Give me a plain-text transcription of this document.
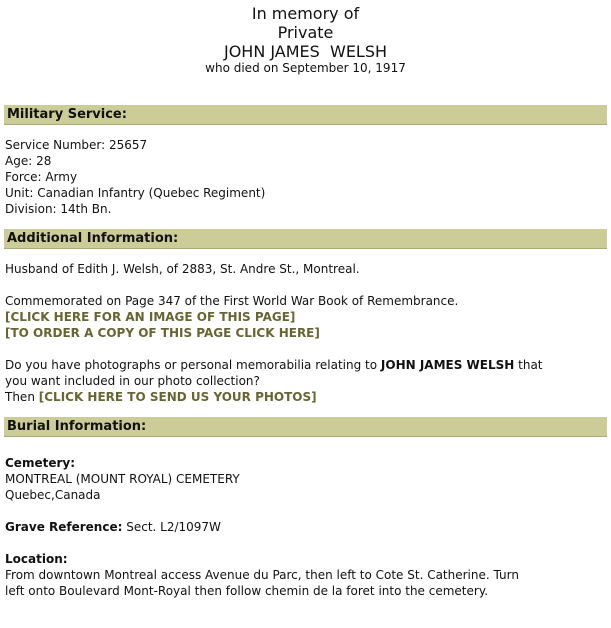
In memory of
Private
JOHN JAMES  WELSH
who died on September 10, 1917
Military Service:
Service Number: 25657
Age: 28
Force: Army
Unit: Canadian Infantry (Quebec Regiment)
Division: 14th Bn.
Additional Information:
Husband of Edith J. Welsh, of 2883, St. Andre St., Montreal.
Commemorated on Page 347 of the First World War Book of Remembrance.
[CLICK HERE FOR AN IMAGE OF THIS PAGE]
[TO ORDER A COPY OF THIS PAGE CLICK HERE]
Do you have photographs or personal memorabilia relating to JOHN JAMES WELSH that
you want included in our photo collection?
Then [CLICK HERE TO SEND US YOUR PHOTOS]
Burial Information:
Cemetery:
MONTREAL (MOUNT ROYAL) CEMETERY
Quebec,Canada
Grave Reference: Sect. L2/1097W
Location:
From downtown Montreal access Avenue du Parc, then left to Cote St. Catherine. Turn
left onto Boulevard Mont-Royal then follow chemin de la foret into the cemetery.
